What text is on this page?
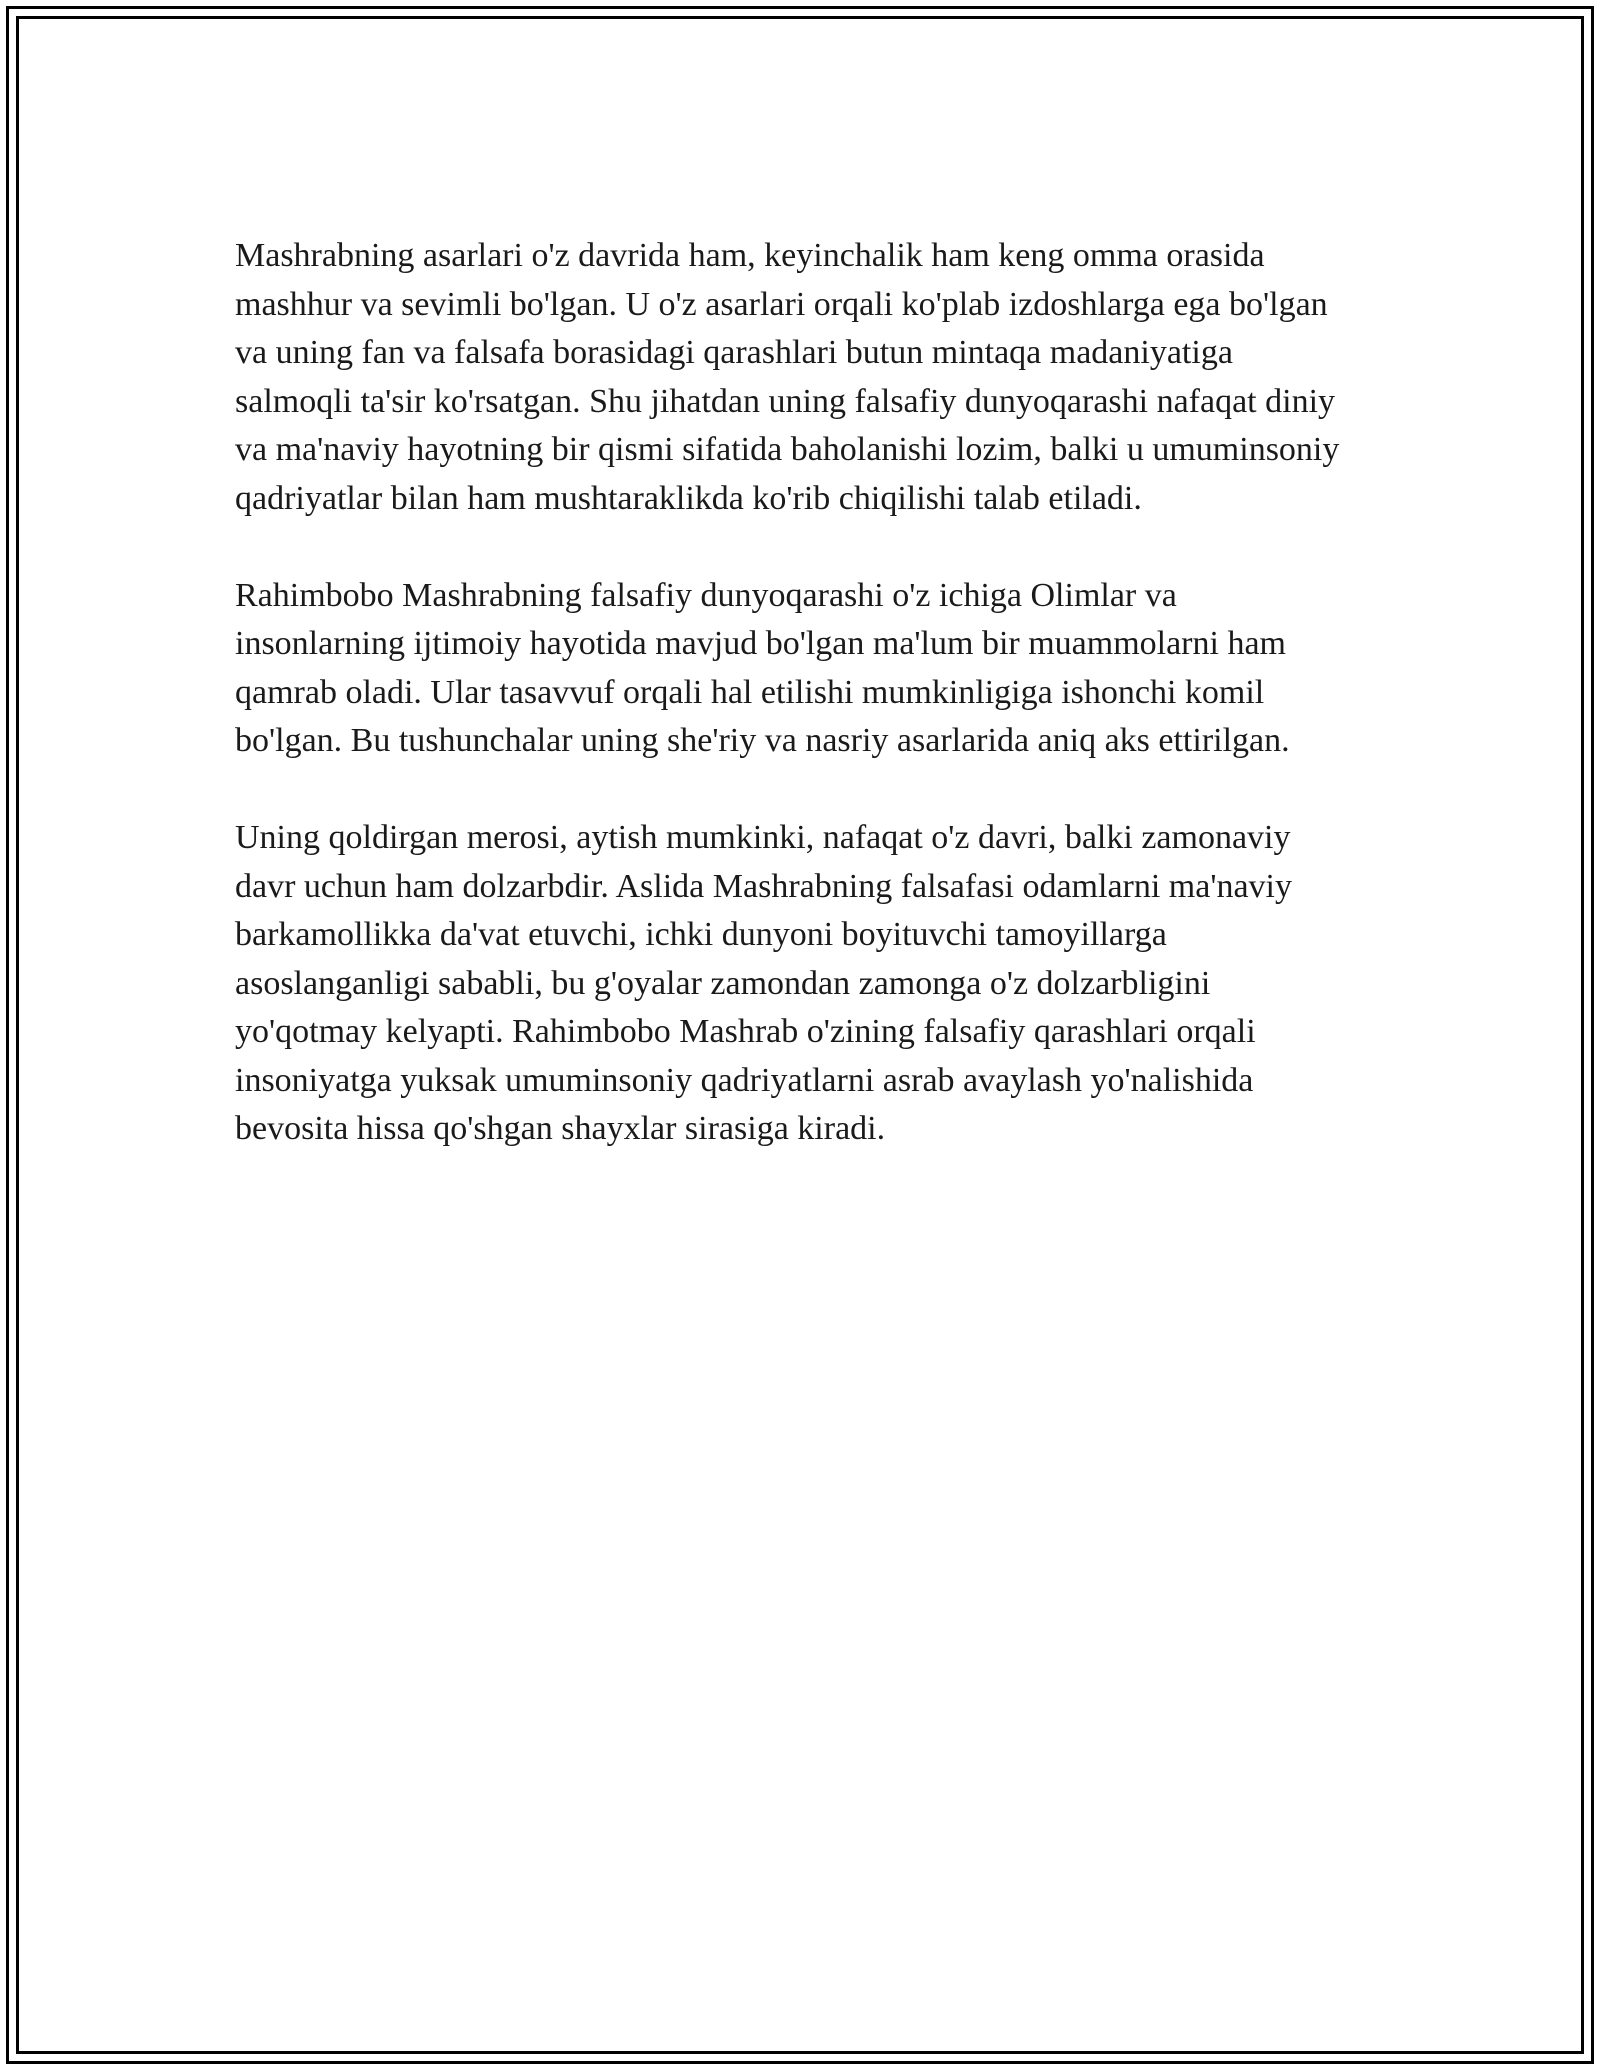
Mashrabning asarlari o'z davrida ham, keyinchalik ham keng omma orasida mashhur va sevimli bo'lgan. U o'z asarlari orqali ko'plab izdoshlarga ega bo'lgan va uning fan va falsafa borasidagi qarashlari butun mintaqa madaniyatiga salmoqli ta'sir ko'rsatgan. Shu jihatdan uning falsafiy dunyoqarashi nafaqat diniy va ma'naviy hayotning bir qismi sifatida baholanishi lozim, balki u umuminsoniy qadriyatlar bilan ham mushtaraklikda ko'rib chiqilishi talab etiladi.

Rahimbobo Mashrabning falsafiy dunyoqarashi o'z ichiga Olimlar va insonlarning ijtimoiy hayotida mavjud bo'lgan ma'lum bir muammolarni ham qamrab oladi. Ular tasavvuf orqali hal etilishi mumkinligiga ishonchi komil bo'lgan. Bu tushunchalar uning she'riy va nasriy asarlarida aniq aks ettirilgan.

Uning qoldirgan merosi, aytish mumkinki, nafaqat o'z davri, balki zamonaviy davr uchun ham dolzarbdir. Aslida Mashrabning falsafasi odamlarni ma'naviy barkamollikka da'vat etuvchi, ichki dunyoni boyituvchi tamoyillarga asoslanganligi sababli, bu g'oyalar zamondan zamonga o'z dolzarbligini yo'qotmay kelyapti. Rahimbobo Mashrab o'zining falsafiy qarashlari orqali insoniyatga yuksak umuminsoniy qadriyatlarni asrab avaylash yo'nalishida bevosita hissa qo'shgan shayxlar sirasiga kiradi.
